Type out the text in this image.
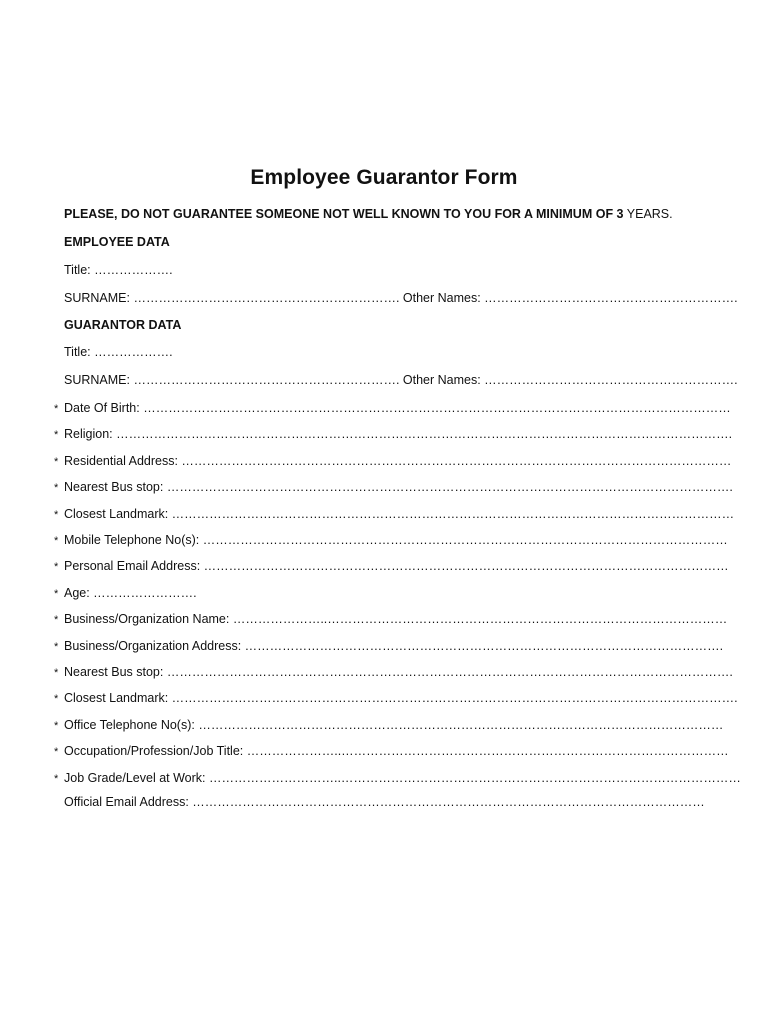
Employee Guarantor Form
PLEASE, DO NOT GUARANTEE SOMEONE NOT WELL KNOWN TO YOU FOR A MINIMUM OF 3 YEARS.
EMPLOYEE DATA
Title: ……………….
SURNAME: ………………………………………………………. Other Names: …………………………………………………….
GUARANTOR DATA
Title: ……………….
SURNAME: ………………………………………………………. Other Names: …………………………………………………….
* Date Of Birth: ……………………………………………………………………………………………………………………………
* Religion: ………………………………………………………………………………………………………………………………….
* Residential Address: ……………………………………………………………………………………………………………………
* Nearest Bus stop: ……………………………………………………………………………………………………………………….
* Closest Landmark: ………………………………………………………………………………………………………………………
* Mobile Telephone No(s): ………………………………………………………………………………………………………………
* Personal Email Address: ………………………………………………………………………………………………………………
* Age: …………………….
* Business/Organization Name: …………………..……………………………………………………………………………………
* Business/Organization Address: …………………………………………………………………………………………………….
* Nearest Bus stop: ……………………………………………………………………………………………………………………….
* Closest Landmark: ……………………………………………………………………………………………………………………….
* Office Telephone No(s): ………………………………………………………………………………………………………………
* Occupation/Profession/Job Title: …………………..…………………………………………………………………………………
* Job Grade/Level at Work: …………………………..……………………………………………………………………………………
Official Email Address: ……………………………………………………………………………………………………………
